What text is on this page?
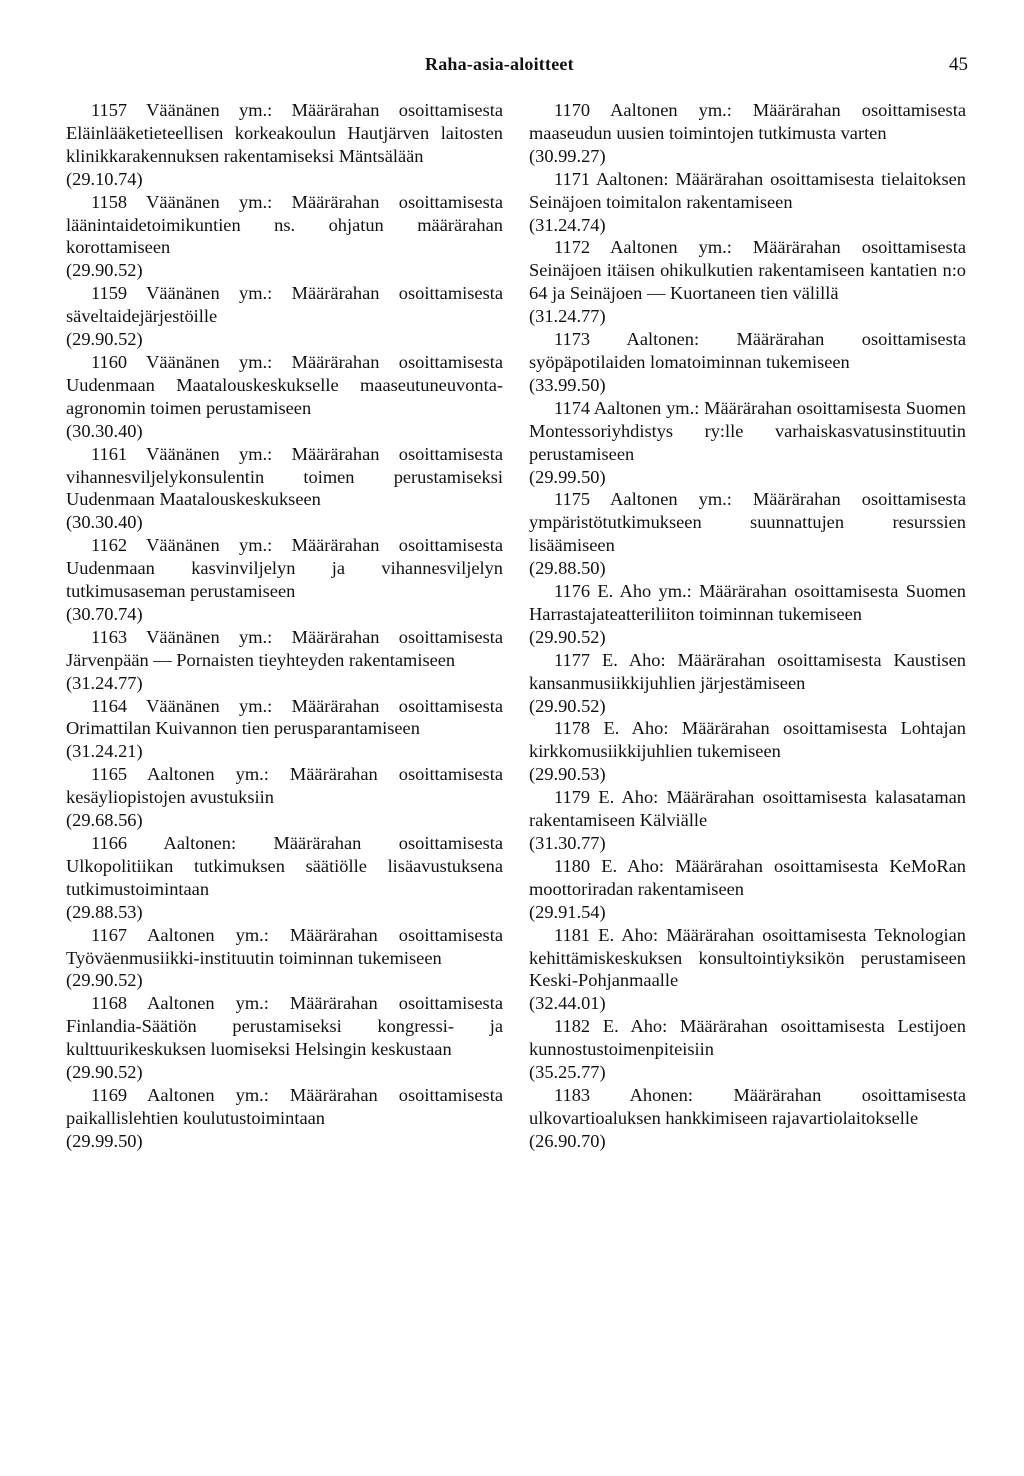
Raha-asia-aloitteet	45

1157 Väänänen ym.: Määrärahan osoittamisesta Eläinlääketieteellisen korkeakoulun Hautjärven laitosten klinikkarakennuksen rakentamiseksi Mäntsälään

(29.10.74)

1158 Väänänen ym.: Määrärahan osoittamisesta läänintaidetoimikuntien ns. ohjatun määrärahan korottamiseen

(29.90.52)

1159 Väänänen ym.: Määrärahan osoittamisesta säveltaidejärjestöille

(29.90.52)

1160 Väänänen ym.: Määrärahan osoittamisesta Uudenmaan Maatalouskeskukselle maaseutuneuvonta-agronomin toimen perustamiseen

(30.30.40)

1161 Väänänen ym.: Määrärahan osoittamisesta vihannesviljelykonsulentin toimen perustamiseksi Uudenmaan Maatalouskeskukseen

(30.30.40)

1162 Väänänen ym.: Määrärahan osoittamisesta Uudenmaan kasvinviljelyn ja vihannesviljelyn tutkimusaseman perustamiseen

(30.70.74)

1163 Väänänen ym.: Määrärahan osoittamisesta Järvenpään — Pornaisten tieyhteyden rakentamiseen

(31.24.77)

1164 Väänänen ym.: Määrärahan osoittamisesta Orimattilan Kuivannon tien perusparantamiseen

(31.24.21)

1165 Aaltonen ym.: Määrärahan osoittamisesta kesäyliopistojen avustuksiin

(29.68.56)

1166 Aaltonen: Määrärahan osoittamisesta Ulkopolitiikan tutkimuksen säätiölle lisäavustuksena tutkimustoimintaan

(29.88.53)

1167 Aaltonen ym.: Määrärahan osoittamisesta Työväenmusiikki-instituutin toiminnan tukemiseen

(29.90.52)

1168 Aaltonen ym.: Määrärahan osoittamisesta Finlandia-Säätiön perustamiseksi kongressi- ja kulttuurikeskuksen luomiseksi Helsingin keskustaan

(29.90.52)

1169 Aaltonen ym.: Määrärahan osoittamisesta paikallislehtien koulutustoimintaan

(29.99.50)

1170 Aaltonen ym.: Määrärahan osoittamisesta maaseudun uusien toimintojen tutkimusta varten

(30.99.27)

1171 Aaltonen: Määrärahan osoittamisesta tielaitoksen Seinäjoen toimitalon rakentamiseen

(31.24.74)

1172 Aaltonen ym.: Määrärahan osoittamisesta Seinäjoen itäisen ohikulkutien rakentamiseen kantatien n:o 64 ja Seinäjoen — Kuortaneen tien välillä

(31.24.77)

1173 Aaltonen: Määrärahan osoittamisesta syöpäpotilaiden lomatoiminnan tukemiseen

(33.99.50)

1174 Aaltonen ym.: Määrärahan osoittamisesta Suomen Montessoriyhdistys ry:lle varhaiskasvatusinstituutin perustamiseen

(29.99.50)

1175 Aaltonen ym.: Määrärahan osoittamisesta ympäristötutkimukseen suunnattujen resurssien lisäämiseen

(29.88.50)

1176 E. Aho ym.: Määrärahan osoittamisesta Suomen Harrastajateatteriliiton toiminnan tukemiseen

(29.90.52)

1177 E. Aho: Määrärahan osoittamisesta Kaustisen kansanmusiikkijuhlien järjestämiseen

(29.90.52)

1178 E. Aho: Määrärahan osoittamisesta Lohtajan kirkkomusiikkijuhlien tukemiseen

(29.90.53)

1179 E. Aho: Määrärahan osoittamisesta kalasataman rakentamiseen Kälviälle

(31.30.77)

1180 E. Aho: Määrärahan osoittamisesta KeMoRan moottoriradan rakentamiseen

(29.91.54)

1181 E. Aho: Määrärahan osoittamisesta Teknologian kehittämiskeskuksen konsultointiyksikön perustamiseen Keski-Pohjanmaalle

(32.44.01)

1182 E. Aho: Määrärahan osoittamisesta Lestijoen kunnostustoimenpiteisiin

(35.25.77)

1183 Ahonen: Määrärahan osoittamisesta ulkovartioaluksen hankkimiseen rajavartiolaitokselle

(26.90.70)
